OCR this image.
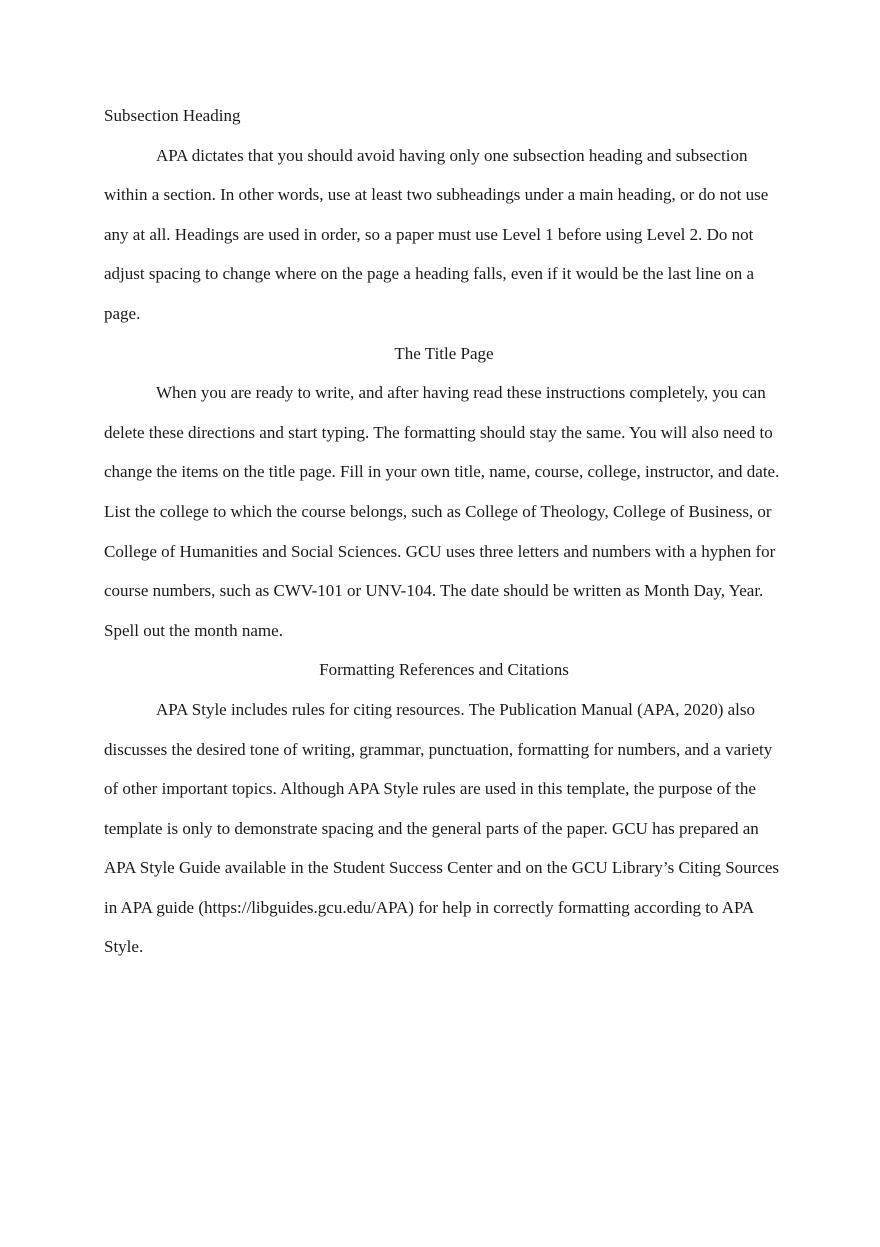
Subsection Heading

APA dictates that you should avoid having only one subsection heading and subsection within a section. In other words, use at least two subheadings under a main heading, or do not use any at all. Headings are used in order, so a paper must use Level 1 before using Level 2. Do not adjust spacing to change where on the page a heading falls, even if it would be the last line on a page.

The Title Page

When you are ready to write, and after having read these instructions completely, you can delete these directions and start typing. The formatting should stay the same. You will also need to change the items on the title page. Fill in your own title, name, course, college, instructor, and date. List the college to which the course belongs, such as College of Theology, College of Business, or College of Humanities and Social Sciences. GCU uses three letters and numbers with a hyphen for course numbers, such as CWV-101 or UNV-104. The date should be written as Month Day, Year. Spell out the month name.

Formatting References and Citations

APA Style includes rules for citing resources. The Publication Manual (APA, 2020) also discusses the desired tone of writing, grammar, punctuation, formatting for numbers, and a variety of other important topics. Although APA Style rules are used in this template, the purpose of the template is only to demonstrate spacing and the general parts of the paper. GCU has prepared an APA Style Guide available in the Student Success Center and on the GCU Library’s Citing Sources in APA guide (https://libguides.gcu.edu/APA) for help in correctly formatting according to APA Style.
